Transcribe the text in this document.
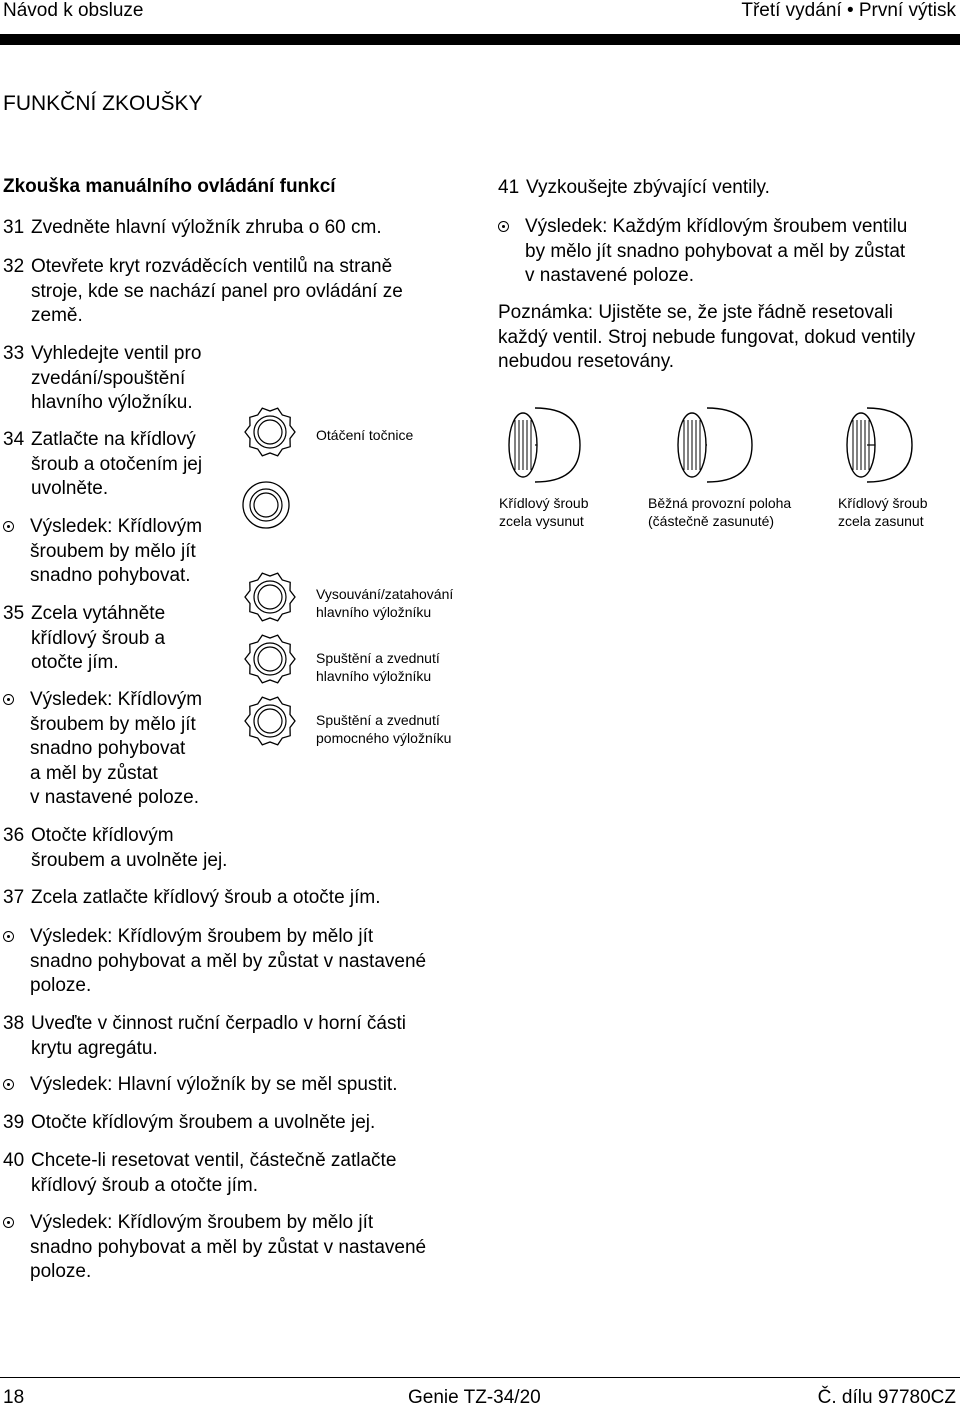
Návod k obsluze	Třetí vydání • První výtisk
FUNKČNÍ ZKOUŠKY
Zkouška manuálního ovládání funkcí
31 Zvedněte hlavní výložník zhruba o 60 cm.
32 Otevřete kryt rozváděcích ventilů na straně
stroje, kde se nachází panel pro ovládání ze
země.
33 Vyhledejte ventil pro
zvedání/spouštění
hlavního výložníku.
34 Zatlačte na křídlový
šroub a otočením jej
uvolněte.
Výsledek: Křídlovým
šroubem by mělo jít
snadno pohybovat.
35 Zcela vytáhněte
křídlový šroub a
otočte jím.
Výsledek: Křídlovým
šroubem by mělo jít
snadno pohybovat
a měl by zůstat
v nastavené poloze.
36 Otočte křídlovým
šroubem a uvolněte jej.
37 Zcela zatlačte křídlový šroub a otočte jím.
Výsledek: Křídlovým šroubem by mělo jít
snadno pohybovat a měl by zůstat v nastavené
poloze.
38 Uveďte v činnost ruční čerpadlo v horní části
krytu agregátu.
Výsledek: Hlavní výložník by se měl spustit.
39 Otočte křídlovým šroubem a uvolněte jej.
40 Chcete-li resetovat ventil, částečně zatlačte
křídlový šroub a otočte jím.
Výsledek: Křídlovým šroubem by mělo jít
snadno pohybovat a měl by zůstat v nastavené
poloze.
41 Vyzkoušejte zbývající ventily.
Výsledek: Každým křídlovým šroubem ventilu
by mělo jít snadno pohybovat a měl by zůstat
v nastavené poloze.
Poznámka: Ujistěte se, že jste řádně resetovali
každý ventil. Stroj nebude fungovat, dokud ventily
nebudou resetovány.
Otáčení točnice
Vysouvání/zatahování
hlavního výložníku
Spuštění a zvednutí
hlavního výložníku
Spuštění a zvednutí
pomocného výložníku
Křídlový šroub
zcela vysunut
Běžná provozní poloha
(částečně zasunuté)
Křídlový šroub
zcela zasunut
18	Genie TZ-34/20	Č. dílu 97780CZ
